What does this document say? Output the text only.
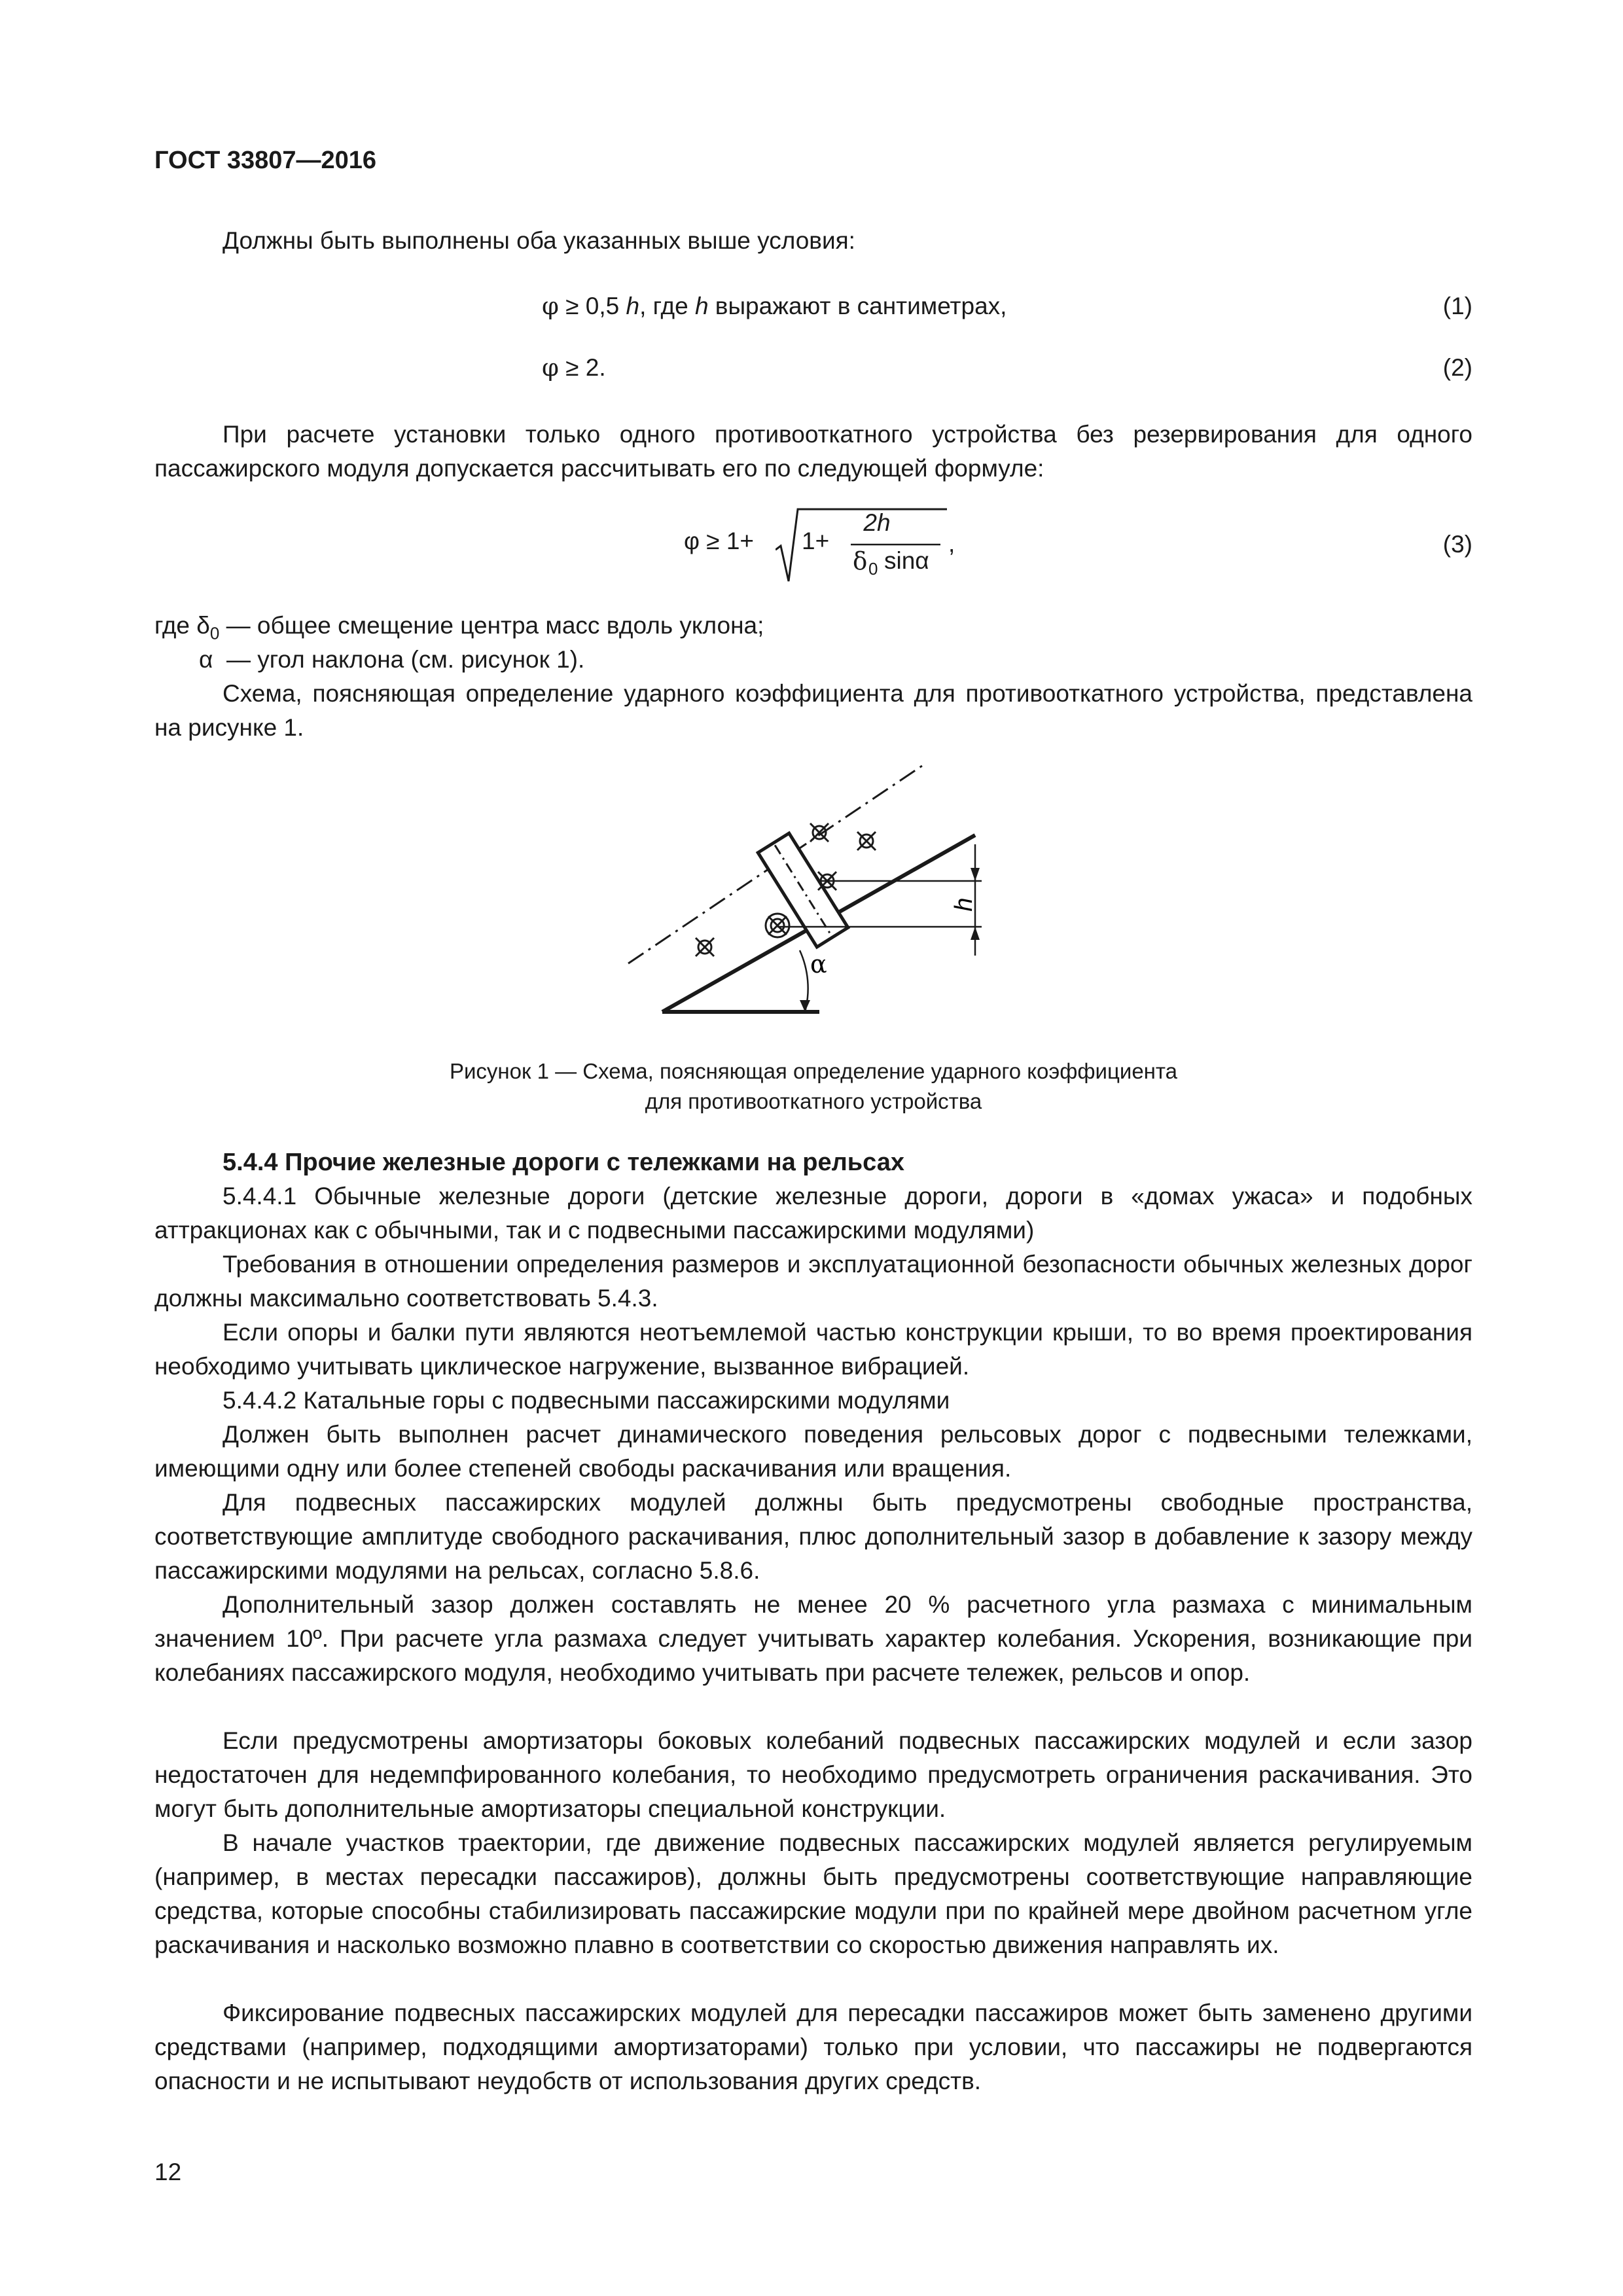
ГОСТ 33807—2016

Должны быть выполнены оба указанных выше условия:

φ ≥ 0,5 h, где h выражают в сантиметрах,	(1)
φ ≥ 2.	(2)

При расчете установки только одного противооткатного устройства без резервирования для одного пассажирского модуля допускается рассчитывать его по следующей формуле:

φ ≥ 1+ 1+
2h
δ 0 sinα
,	(3)
где $\delta_0$ — общее смещение центра масс вдоль уклона;
α  — угол наклона (см. рисунок 1).

Схема, поясняющая определение ударного коэффициента для противооткатного устройства, представлена на рисунке 1.

h
α
Рисунок 1 — Схема, поясняющая определение ударного коэффициента
для противооткатного устройства
5.4.4 Прочие железные дороги с тележками на рельсах

5.4.4.1 Обычные железные дороги (детские железные дороги, дороги в «домах ужаса» и подобных аттракционах как с обычными, так и с подвесными пассажирскими модулями)

Требования в отношении определения размеров и эксплуатационной безопасности обычных железных дорог должны максимально соответствовать 5.4.3.

Если опоры и балки пути являются неотъемлемой частью конструкции крыши, то во время проектирования необходимо учитывать циклическое нагружение, вызванное вибрацией.

5.4.4.2 Катальные горы с подвесными пассажирскими модулями

Должен быть выполнен расчет динамического поведения рельсовых дорог с подвесными тележками, имеющими одну или более степеней свободы раскачивания или вращения.

Для подвесных пассажирских модулей должны быть предусмотрены свободные пространства, соответствующие амплитуде свободного раскачивания, плюс дополнительный зазор в добавление к зазору между пассажирскими модулями на рельсах, согласно 5.8.6.

Дополнительный зазор должен составлять не менее 20 % расчетного угла размаха с минимальным значением 10º. При расчете угла размаха следует учитывать характер колебания. Ускорения, возникающие при колебаниях пассажирского модуля, необходимо учитывать при расчете тележек, рельсов и опор.

Если предусмотрены амортизаторы боковых колебаний подвесных пассажирских модулей и если зазор недостаточен для недемпфированного колебания, то необходимо предусмотреть ограничения раскачивания. Это могут быть дополнительные амортизаторы специальной конструкции.

В начале участков траектории, где движение подвесных пассажирских модулей является регулируемым (например, в местах пересадки пассажиров), должны быть предусмотрены соответствующие направляющие средства, которые способны стабилизировать пассажирские модули при по крайней мере двойном расчетном угле раскачивания и насколько возможно плавно в соответствии со скоростью движения направлять их.

Фиксирование подвесных пассажирских модулей для пересадки пассажиров может быть заменено другими средствами (например, подходящими амортизаторами) только при условии, что пассажиры не подвергаются опасности и не испытывают неудобств от использования других средств.

12
